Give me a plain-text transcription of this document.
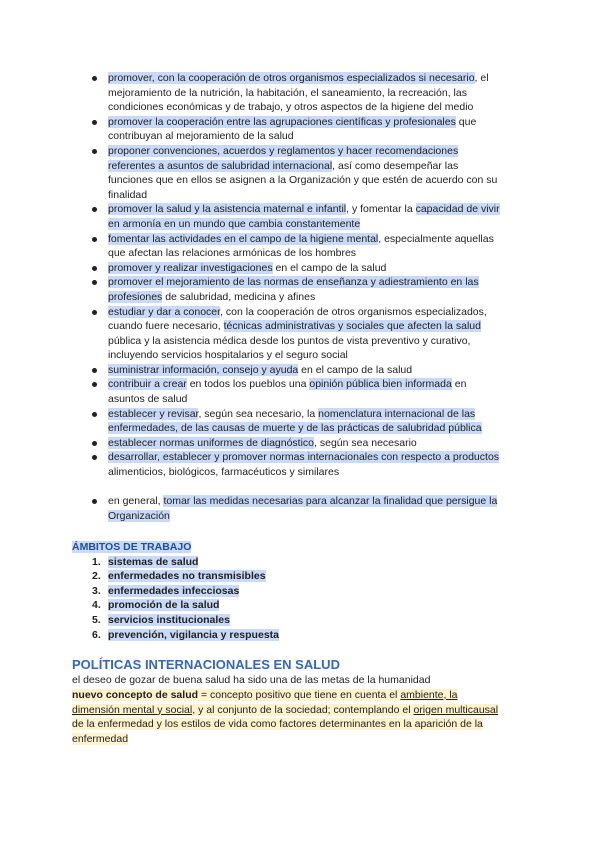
promover, con la cooperación de otros organismos especializados si necesario, el
mejoramiento de la nutrición, la habitación, el saneamiento, la recreación, las
condiciones económicas y de trabajo, y otros aspectos de la higiene del medio
promover la cooperación entre las agrupaciones científicas y profesionales que
contribuyan al mejoramiento de la salud
proponer convenciones, acuerdos y reglamentos y hacer recomendaciones
referentes a asuntos de salubridad internacional, así como desempeñar las
funciones que en ellos se asignen a la Organización y que estén de acuerdo con su
finalidad
promover la salud y la asistencia maternal e infantil, y fomentar la capacidad de vivir
en armonía en un mundo que cambia constantemente
fomentar las actividades en el campo de la higiene mental, especialmente aquellas
que afectan las relaciones armónicas de los hombres
promover y realizar investigaciones en el campo de la salud
promover el mejoramiento de las normas de enseñanza y adiestramiento en las
profesiones de salubridad, medicina y afines
estudiar y dar a conocer, con la cooperación de otros organismos especializados,
cuando fuere necesario, técnicas administrativas y sociales que afecten la salud
pública y la asistencia médica desde los puntos de vista preventivo y curativo,
incluyendo servicios hospitalarios y el seguro social
suministrar información, consejo y ayuda en el campo de la salud
contribuir a crear en todos los pueblos una opinión pública bien informada en
asuntos de salud
establecer y revisar, según sea necesario, la nomenclatura internacional de las
enfermedades, de las causas de muerte y de las prácticas de salubridad pública
establecer normas uniformes de diagnóstico, según sea necesario
desarrollar, establecer y promover normas internacionales con respecto a productos
alimenticios, biológicos, farmacéuticos y similares
en general, tomar las medidas necesarias para alcanzar la finalidad que persigue la
Organización
ÁMBITOS DE TRABAJO
1. sistemas de salud
2. enfermedades no transmisibles
3. enfermedades infecciosas
4. promoción de la salud
5. servicios institucionales
6. prevención, vigilancia y respuesta
POLÍTICAS INTERNACIONALES EN SALUD
el deseo de gozar de buena salud ha sido una de las metas de la humanidad
nuevo concepto de salud = concepto positivo que tiene en cuenta el ambiente, la
dimensión mental y social, y al conjunto de la sociedad; contemplando el origen multicausal
de la enfermedad y los estilos de vida como factores determinantes en la aparición de la
enfermedad
